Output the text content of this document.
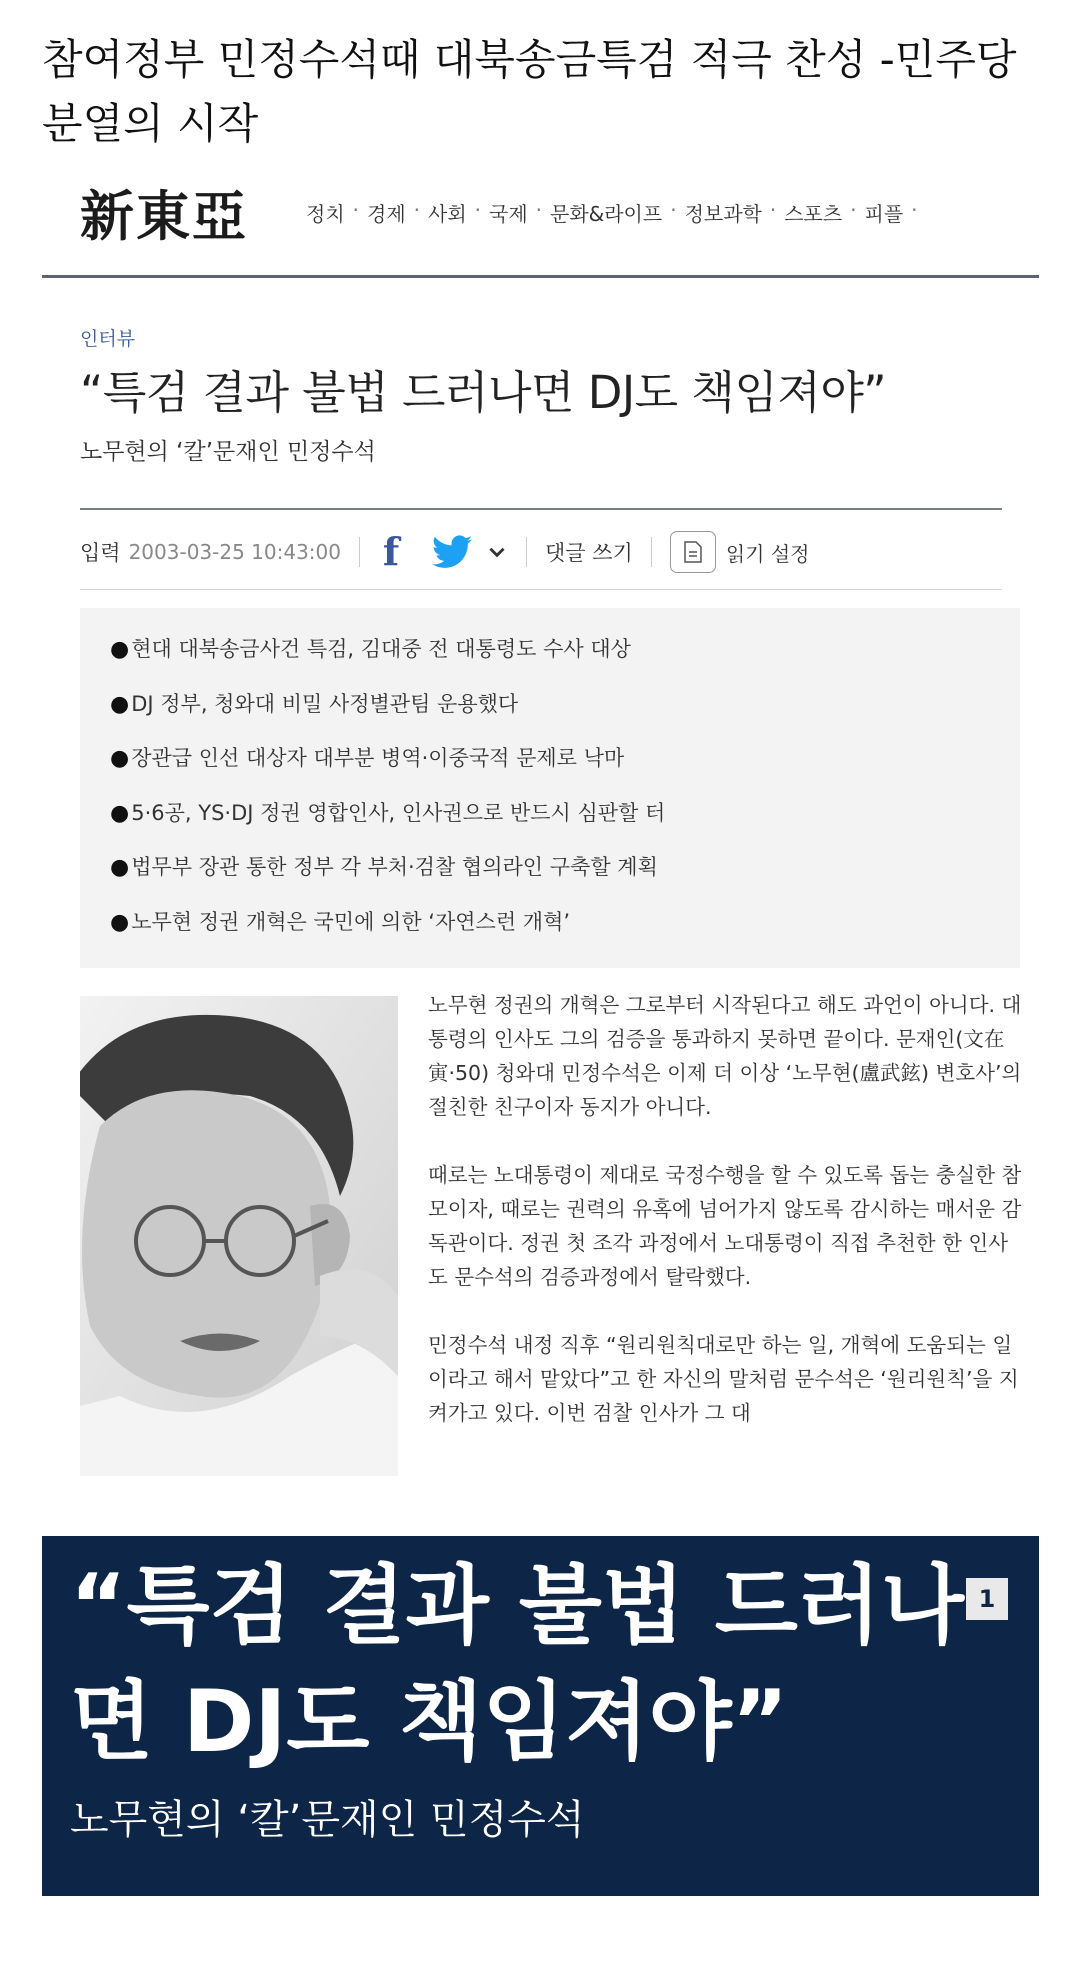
참여정부 민정수석때 대북송금특검 적극 찬성 -민주당 분열의 시작
新東亞	정치 · 경제 · 사회 · 국제 · 문화&라이프 · 정보과학 · 스포츠 · 피플 ·
인터뷰
“특검 결과 불법 드러나면 DJ도 책임져야”
노무현의 ‘칼’문재인 민정수석
입력 2003-03-25 10:43:00 f	댓글 쓰기	읽기 설정
●현대 대북송금사건 특검, 김대중 전 대통령도 수사 대상
●DJ 정부, 청와대 비밀 사정별관팀 운용했다
●장관급 인선 대상자 대부분 병역·이중국적 문제로 낙마
●5·6공, YS·DJ 정권 영합인사, 인사권으로 반드시 심판할 터
●법무부 장관 통한 정부 각 부처·검찰 협의라인 구축할 계획
●노무현 정권 개혁은 국민에 의한 ‘자연스런 개혁’

노무현 정권의 개혁은 그로부터 시작된다고 해도 과언이 아니다. 대통령의 인사도 그의 검증을 통과하지 못하면 끝이다. 문재인(文在寅·50) 청와대 민정수석은 이제 더 이상 ‘노무현(盧武鉉) 변호사’의 절친한 친구이자 동지가 아니다.

때로는 노대통령이 제대로 국정수행을 할 수 있도록 돕는 충실한 참모이자, 때로는 권력의 유혹에 넘어가지 않도록 감시하는 매서운 감독관이다. 정권 첫 조각 과정에서 노대통령이 직접 추천한 한 인사도 문수석의 검증과정에서 탈락했다.

민정수석 내정 직후 “원리원칙대로만 하는 일, 개혁에 도움되는 일이라고 해서 맡았다”고 한 자신의 말처럼 문수석은 ‘원리원칙’을 지켜가고 있다. 이번 검찰 인사가 그 대

“특검 결과 불법 드러나면 DJ도 책임져야”
1
노무현의 ‘칼’문재인 민정수석
